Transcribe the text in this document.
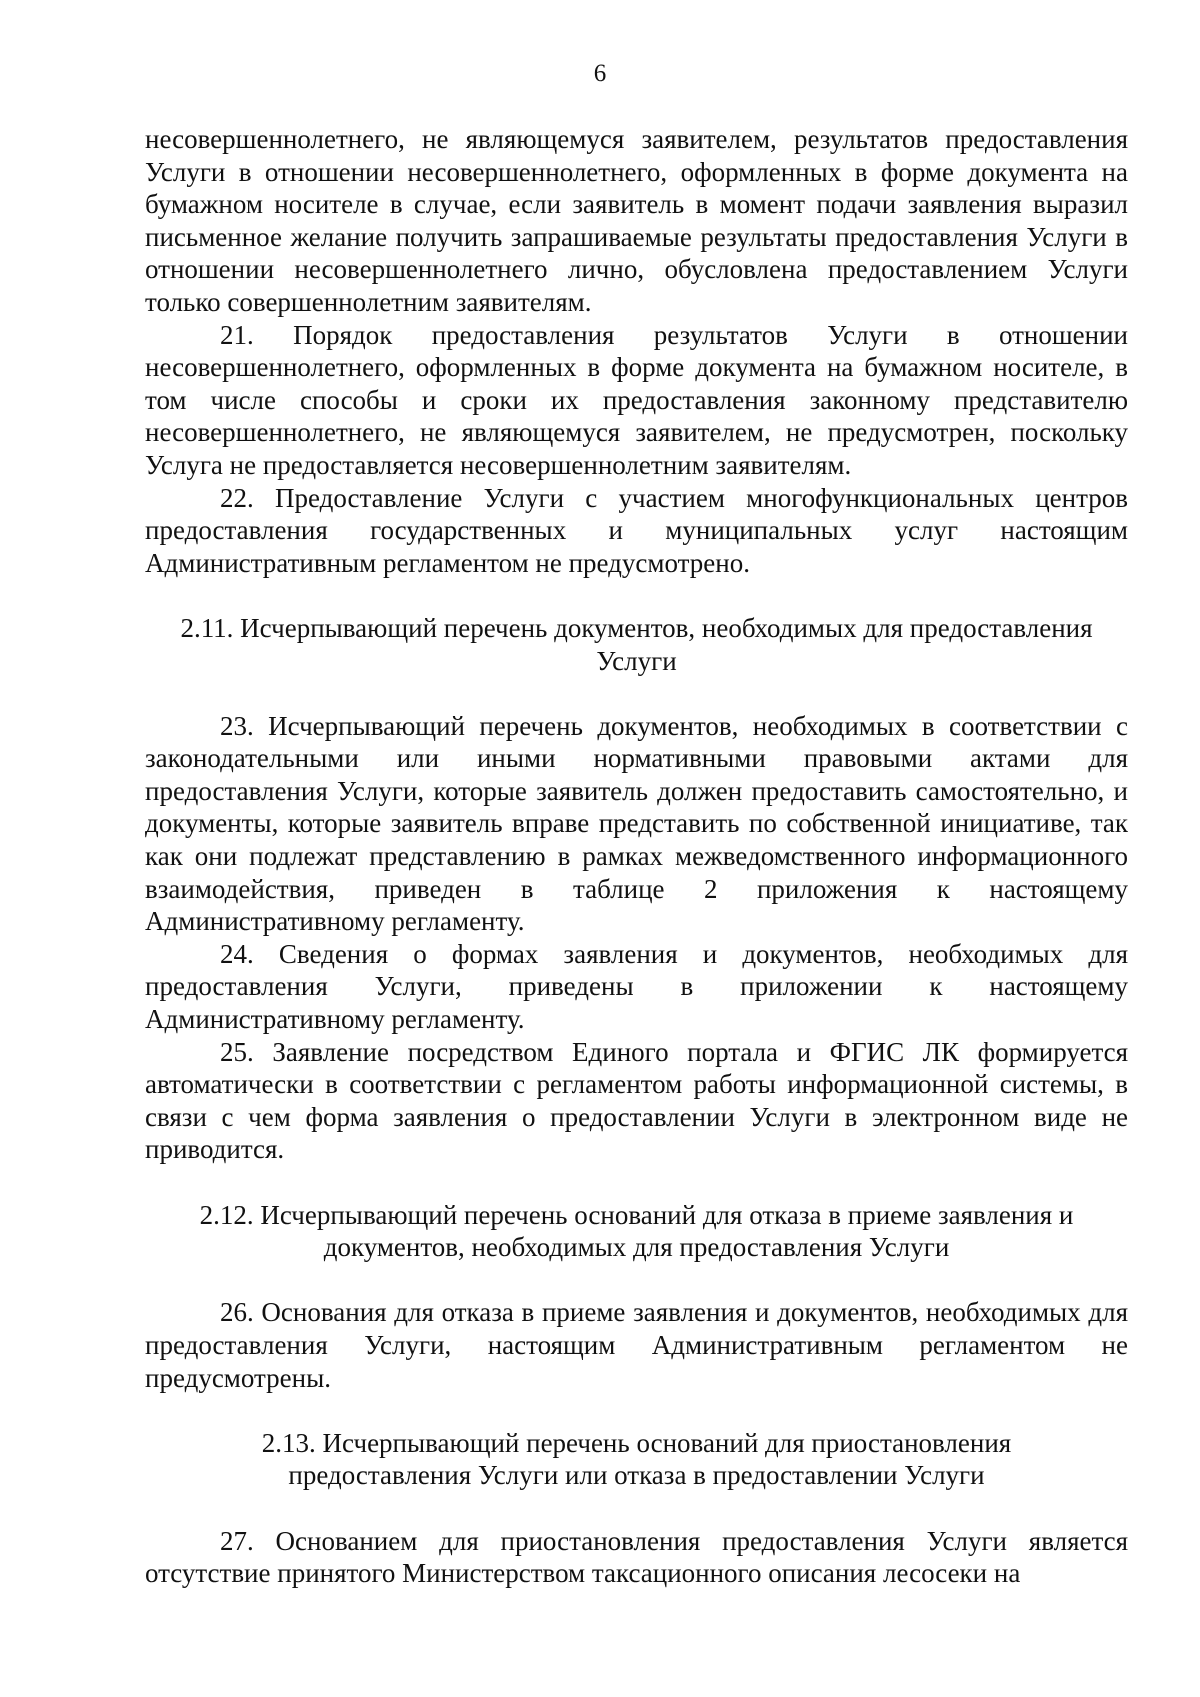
6

несовершеннолетнего, не являющемуся заявителем, результатов предоставления Услуги в отношении несовершеннолетнего, оформленных в форме документа на бумажном носителе в случае, если заявитель в момент подачи заявления выразил письменное желание получить запрашиваемые результаты предоставления Услуги в отношении несовершеннолетнего лично, обусловлена предоставлением Услуги только совершеннолетним заявителям.

21. Порядок предоставления результатов Услуги в отношении несовершеннолетнего, оформленных в форме документа на бумажном носителе, в том числе способы и сроки их предоставления законному представителю несовершеннолетнего, не являющемуся заявителем, не предусмотрен, поскольку Услуга не предоставляется несовершеннолетним заявителям.

22. Предоставление Услуги с участием многофункциональных центров предоставления государственных и муниципальных услуг настоящим Административным регламентом не предусмотрено.

2.11. Исчерпывающий перечень документов, необходимых для предоставления
Услуги

23. Исчерпывающий перечень документов, необходимых в соответствии с законодательными или иными нормативными правовыми актами для предоставления Услуги, которые заявитель должен предоставить самостоятельно, и документы, которые заявитель вправе представить по собственной инициативе, так как они подлежат представлению в рамках межведомственного информационного взаимодействия, приведен в таблице 2 приложения к настоящему Административному регламенту.

24. Сведения о формах заявления и документов, необходимых для предоставления Услуги, приведены в приложении к настоящему Административному регламенту.

25. Заявление посредством Единого портала и ФГИС ЛК формируется автоматически в соответствии с регламентом работы информационной системы, в связи с чем форма заявления о предоставлении Услуги в электронном виде не приводится.

2.12. Исчерпывающий перечень оснований для отказа в приеме заявления и
документов, необходимых для предоставления Услуги

26. Основания для отказа в приеме заявления и документов, необходимых для предоставления Услуги, настоящим Административным регламентом не предусмотрены.

2.13. Исчерпывающий перечень оснований для приостановления
предоставления Услуги или отказа в предоставлении Услуги

27. Основанием для приостановления предоставления Услуги является отсутствие принятого Министерством таксационного описания лесосеки на
